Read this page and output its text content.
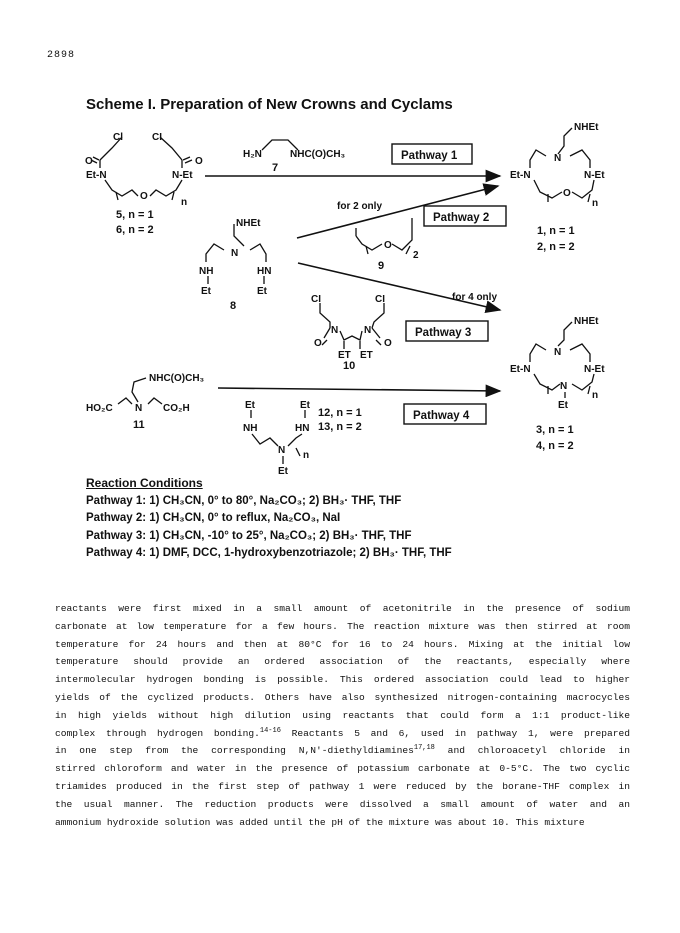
2898
Scheme I. Preparation of New Crowns and Cyclams
Cl	CI
O	O
Et-N	N-Et
O
n
5, n = 1
6, n = 2
H₂N	NHC(O)CH₃
7
Pathway 1
for 2 only
Pathway 2
O
2
9
NHEt
N
NH	HN
Et	Et
8
for 4 only
Pathway 3
CI	CI
N	N
O	O
ET ET
10
NHC(O)CH₃
N
HO₂C	CO₂H
11
Pathway 4
Et	Et
NH	HN
N n
Et
12, n = 1
13, n = 2
NHEt
N
Et-N	N-Et
O
n
1, n = 1
2, n = 2
NHEt
N
Et-N	N-Et
N
n
Et
3, n = 1
4, n = 2
Reaction Conditions
Pathway 1: 1) CH₃CN, 0° to 80°, Na₂CO₃; 2) BH₃· THF, THF
Pathway 2: 1) CH₃CN, 0° to reflux, Na₂CO₃, NaI
Pathway 3: 1) CH₃CN, -10° to 25°, Na₂CO₃; 2) BH₃· THF, THF
Pathway 4: 1) DMF, DCC, 1-hydroxybenzotriazole; 2) BH₃· THF, THF
reactants were first mixed in a small amount of acetonitrile in the presence of sodium
carbonate at low temperature for a few hours. The reaction mixture was then stirred at room
temperature for 24 hours and then at 80°C for 16 to 24 hours. Mixing at the initial low
temperature should provide an ordered association of the reactants, especially where
intermolecular hydrogen bonding is possible. This ordered association could lead to higher
yields of the cyclized products. Others have also synthesized nitrogen-containing macrocycles
in high yields without high dilution using reactants that could form a 1:1 product-like
complex through hydrogen bonding.$^{14-16}$ Reactants 5 and 6, used in pathway 1, were prepared
in one step from the corresponding N,N'-diethyldiamines$^{17,18}$ and chloroacetyl chloride in
stirred chloroform and water in the presence of potassium carbonate at 0-5°C. The two cyclic
triamides produced in the first step of pathway 1 were reduced by the borane-THF complex in
the usual manner. The reduction products were dissolved a small amount of water and an
ammonium hydroxide solution was added until the pH of the mixture was about 10. This mixture
